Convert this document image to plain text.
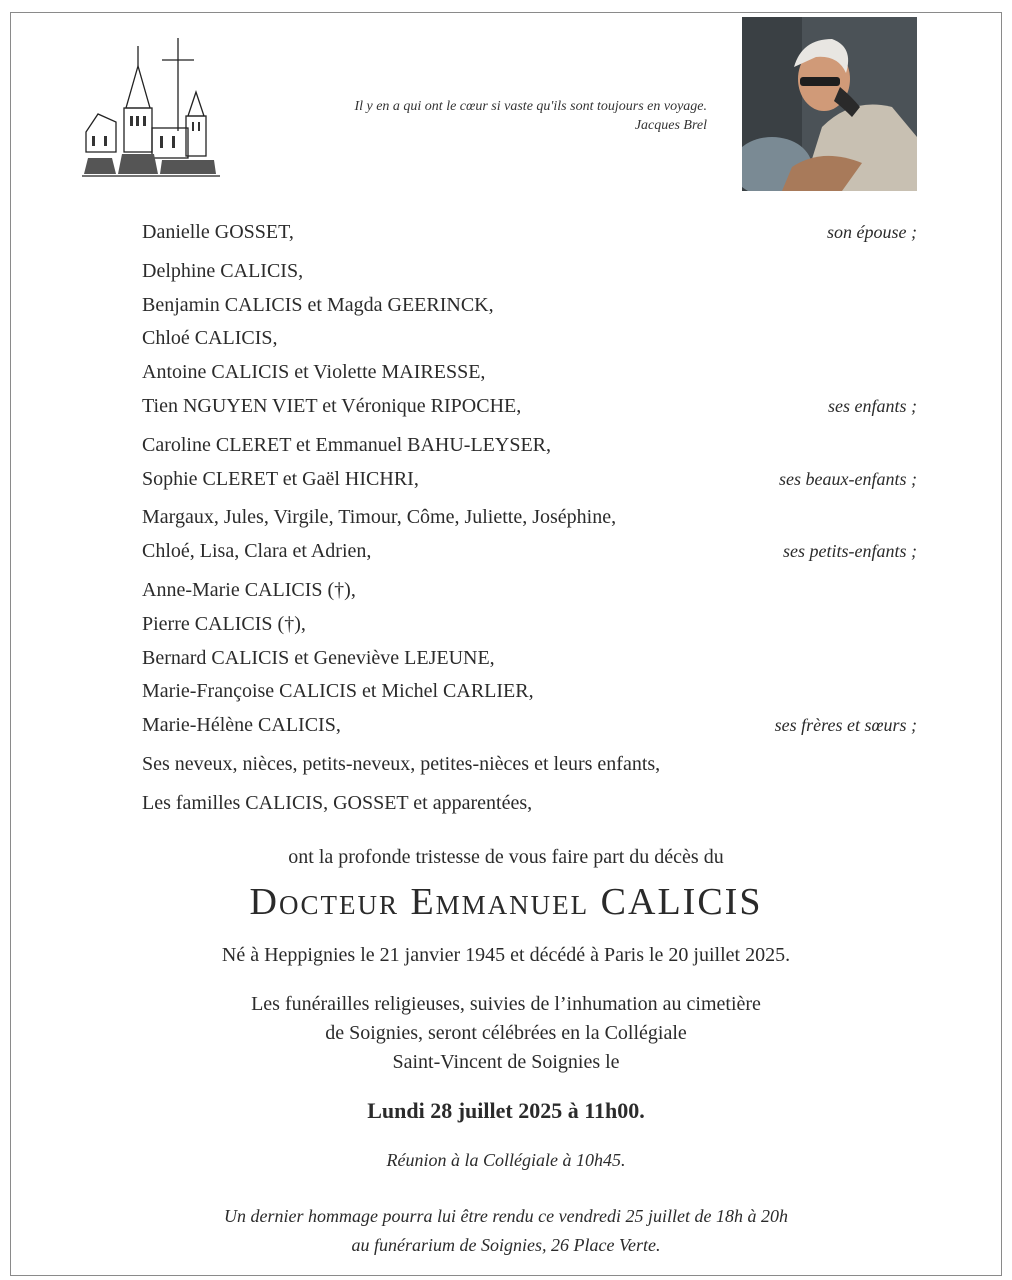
Il y en a qui ont le cœur si vaste qu'ils sont toujours en voyage.
Jacques Brel
Danielle GOSSET,	son épouse ;
Delphine CALICIS,
Benjamin CALICIS et Magda GEERINCK,
Chloé CALICIS,
Antoine CALICIS et Violette MAIRESSE,
Tien NGUYEN VIET et Véronique RIPOCHE,	ses enfants ;
Caroline CLERET et Emmanuel BAHU-LEYSER,
Sophie CLERET et Gaël HICHRI,	ses beaux-enfants ;
Margaux, Jules, Virgile, Timour, Côme, Juliette, Joséphine,
Chloé, Lisa, Clara et Adrien,	ses petits-enfants ;
Anne-Marie CALICIS (†),
Pierre CALICIS (†),
Bernard CALICIS et Geneviève LEJEUNE,
Marie-Françoise CALICIS et Michel CARLIER,
Marie-Hélène CALICIS,	ses frères et sœurs ;
Ses neveux, nièces, petits-neveux, petites-nièces et leurs enfants,
Les familles CALICIS, GOSSET et apparentées,
ont la profonde tristesse de vous faire part du décès du
Docteur Emmanuel CALICIS
Né à Heppignies le 21 janvier 1945 et décédé à Paris le 20 juillet 2025.
Les funérailles religieuses, suivies de l’inhumation au cimetière
de Soignies, seront célébrées en la Collégiale
Saint-Vincent de Soignies le
Lundi 28 juillet 2025 à 11h00.
Réunion à la Collégiale à 10h45.
Un dernier hommage pourra lui être rendu ce vendredi 25 juillet de 18h à 20h
au funérarium de Soignies, 26 Place Verte.
